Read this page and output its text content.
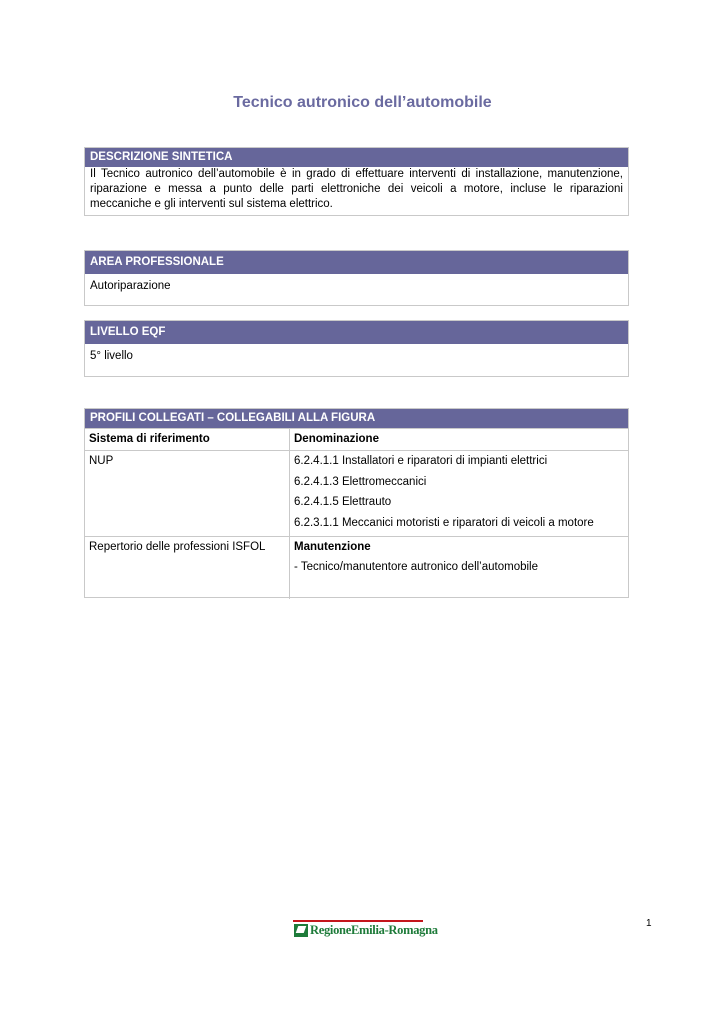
Tecnico autronico dell’automobile
DESCRIZIONE SINTETICA
Il Tecnico autronico dell’automobile è in grado di effettuare interventi di installazione, manutenzione, riparazione e messa a punto delle parti elettroniche dei veicoli a motore, incluse le riparazioni meccaniche e gli interventi sul sistema elettrico.
AREA PROFESSIONALE
Autoriparazione
LIVELLO EQF
5° livello
PROFILI COLLEGATI – COLLEGABILI ALLA FIGURA
Sistema di riferimento	Denominazione
NUP	6.2.4.1.1 Installatori e riparatori di impianti elettrici
6.2.4.1.3 Elettromeccanici
6.2.4.1.5 Elettrauto
6.2.3.1.1 Meccanici motoristi e riparatori di veicoli a motore

Repertorio delle professioni ISFOL	Manutenzione
- Tecnico/manutentore autronico dell’automobile
RegioneEmilia-Romagna	1
